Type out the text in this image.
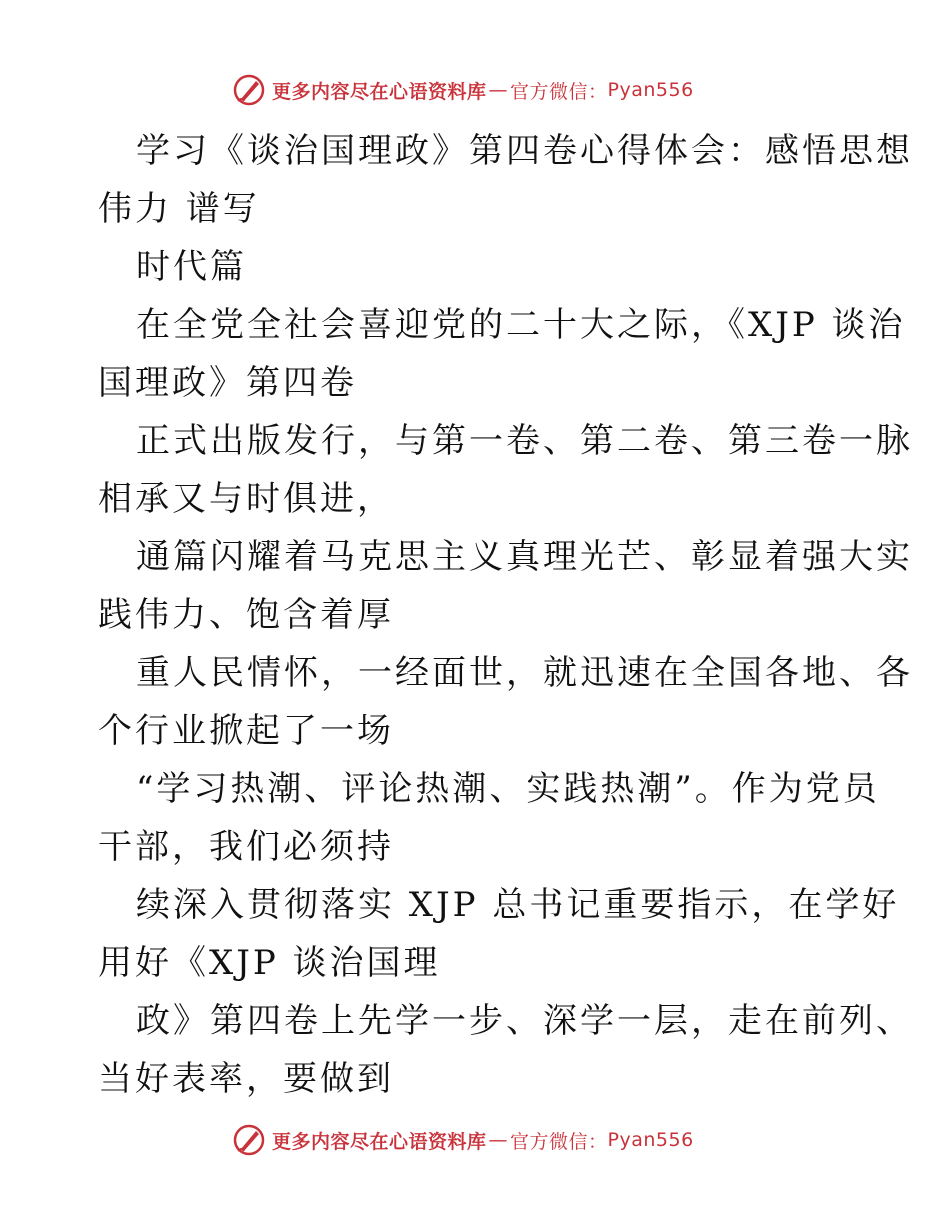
更多内容尽在心语资料库 — 官方微信： Pyan556
学习《谈治国理政》第四卷心得体会：感悟思想
伟力 谱写
时代篇
在全党全社会喜迎党的二十大之际，《XJP 谈治
国理政》第四卷
正式出版发行，与第一卷、第二卷、第三卷一脉
相承又与时俱进，
通篇闪耀着马克思主义真理光芒、彰显着强大实
践伟力、饱含着厚
重人民情怀，一经面世，就迅速在全国各地、各
个行业掀起了一场
“学习热潮、评论热潮、实践热潮”。作为党员
干部，我们必须持
续深入贯彻落实 XJP 总书记重要指示，在学好
用好《XJP 谈治国理
政》第四卷上先学一步、深学一层，走在前列、
当好表率，要做到
更多内容尽在心语资料库 — 官方微信： Pyan556
